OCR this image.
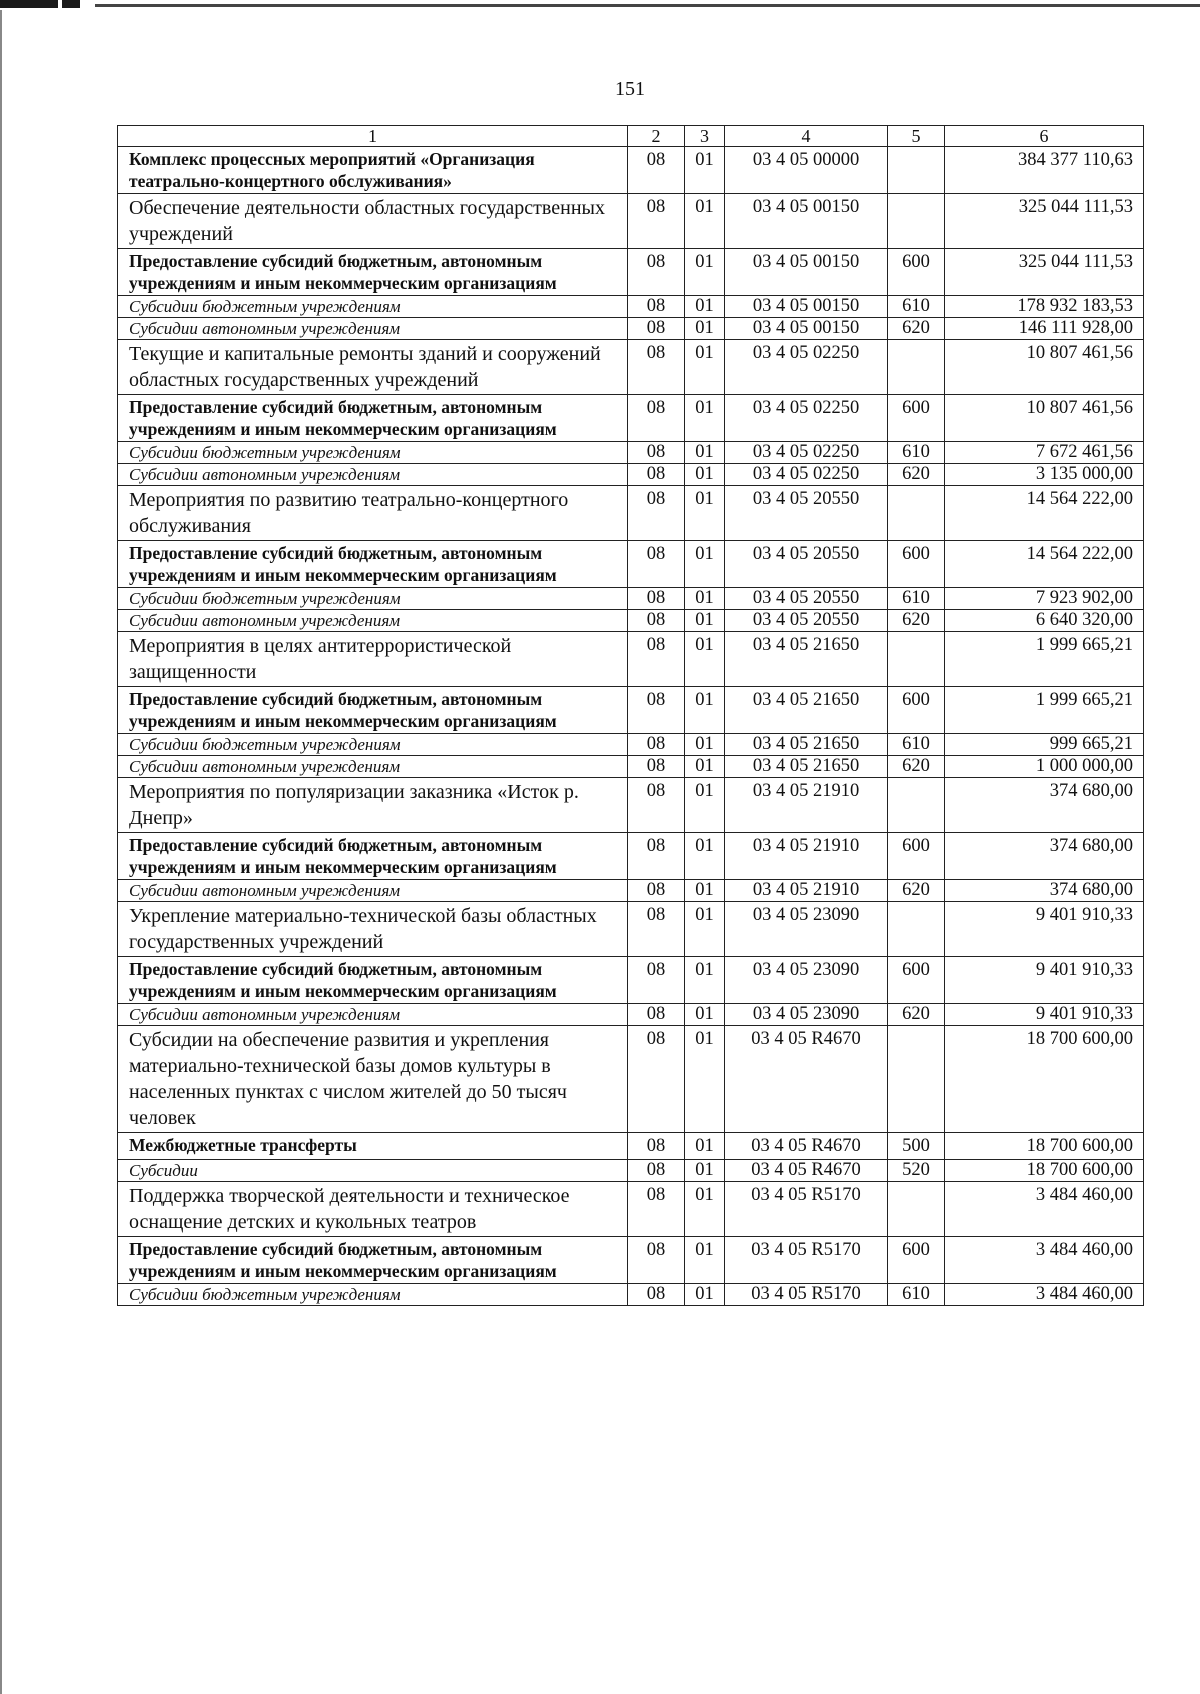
151
1	2	3	4	5	6
Комплекс процессных мероприятий «Организация театрально-концертного обслуживания»	08	01	03 4 05 00000		384 377 110,63
Обеспечение деятельности областных государственных учреждений	08	01	03 4 05 00150		325 044 111,53
Предоставление субсидий бюджетным, автономным учреждениям и иным некоммерческим организациям	08	01	03 4 05 00150	600	325 044 111,53
Субсидии бюджетным учреждениям	08	01	03 4 05 00150	610	178 932 183,53
Субсидии автономным учреждениям	08	01	03 4 05 00150	620	146 111 928,00
Текущие и капитальные ремонты зданий и сооружений областных государственных учреждений	08	01	03 4 05 02250		10 807 461,56
Предоставление субсидий бюджетным, автономным учреждениям и иным некоммерческим организациям	08	01	03 4 05 02250	600	10 807 461,56
Субсидии бюджетным учреждениям	08	01	03 4 05 02250	610	7 672 461,56
Субсидии автономным учреждениям	08	01	03 4 05 02250	620	3 135 000,00
Мероприятия по развитию театрально-концертного обслуживания	08	01	03 4 05 20550		14 564 222,00
Предоставление субсидий бюджетным, автономным учреждениям и иным некоммерческим организациям	08	01	03 4 05 20550	600	14 564 222,00
Субсидии бюджетным учреждениям	08	01	03 4 05 20550	610	7 923 902,00
Субсидии автономным учреждениям	08	01	03 4 05 20550	620	6 640 320,00
Мероприятия в целях антитеррористической защищенности	08	01	03 4 05 21650		1 999 665,21
Предоставление субсидий бюджетным, автономным учреждениям и иным некоммерческим организациям	08	01	03 4 05 21650	600	1 999 665,21
Субсидии бюджетным учреждениям	08	01	03 4 05 21650	610	999 665,21
Субсидии автономным учреждениям	08	01	03 4 05 21650	620	1 000 000,00
Мероприятия по популяризации заказника «Исток р. Днепр»	08	01	03 4 05 21910		374 680,00
Предоставление субсидий бюджетным, автономным учреждениям и иным некоммерческим организациям	08	01	03 4 05 21910	600	374 680,00
Субсидии автономным учреждениям	08	01	03 4 05 21910	620	374 680,00
Укрепление материально-технической базы областных государственных учреждений	08	01	03 4 05 23090		9 401 910,33
Предоставление субсидий бюджетным, автономным учреждениям и иным некоммерческим организациям	08	01	03 4 05 23090	600	9 401 910,33
Субсидии автономным учреждениям	08	01	03 4 05 23090	620	9 401 910,33
Субсидии на обеспечение развития и укрепления материально-технической базы домов культуры в населенных пунктах с числом жителей до 50 тысяч человек	08	01	03 4 05 R4670		18 700 600,00
Межбюджетные трансферты	08	01	03 4 05 R4670	500	18 700 600,00
Субсидии	08	01	03 4 05 R4670	520	18 700 600,00
Поддержка творческой деятельности и техническое оснащение детских и кукольных театров	08	01	03 4 05 R5170		3 484 460,00
Предоставление субсидий бюджетным, автономным учреждениям и иным некоммерческим организациям	08	01	03 4 05 R5170	600	3 484 460,00
Субсидии бюджетным учреждениям	08	01	03 4 05 R5170	610	3 484 460,00
